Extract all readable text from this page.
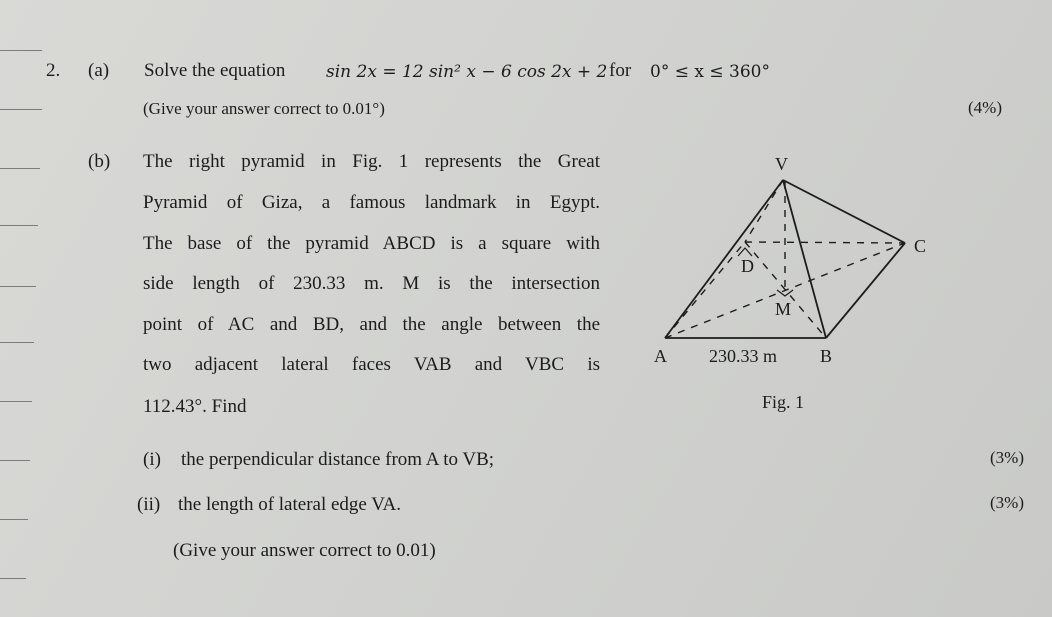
2. (a) Solve the equation sin 2x = 12 sin² x − 6 cos 2x + 2 for 0° ≤ x ≤ 360°
(Give your answer correct to 0.01°)	(4%)
(b) The right pyramid in Fig. 1 represents the Great
Pyramid of Giza, a famous landmark in Egypt.
The base of the pyramid ABCD is a square with
side length of 230.33 m. M is the intersection
point of AC and BD, and the angle between the
two adjacent lateral faces VAB and VBC is
112.43°. Find
(i) the perpendicular distance from A to VB;	(3%)
(ii) the length of lateral edge VA.	(3%)
(Give your answer correct to 0.01)
V
C
D
M
A 230.33 m B
Fig. 1
